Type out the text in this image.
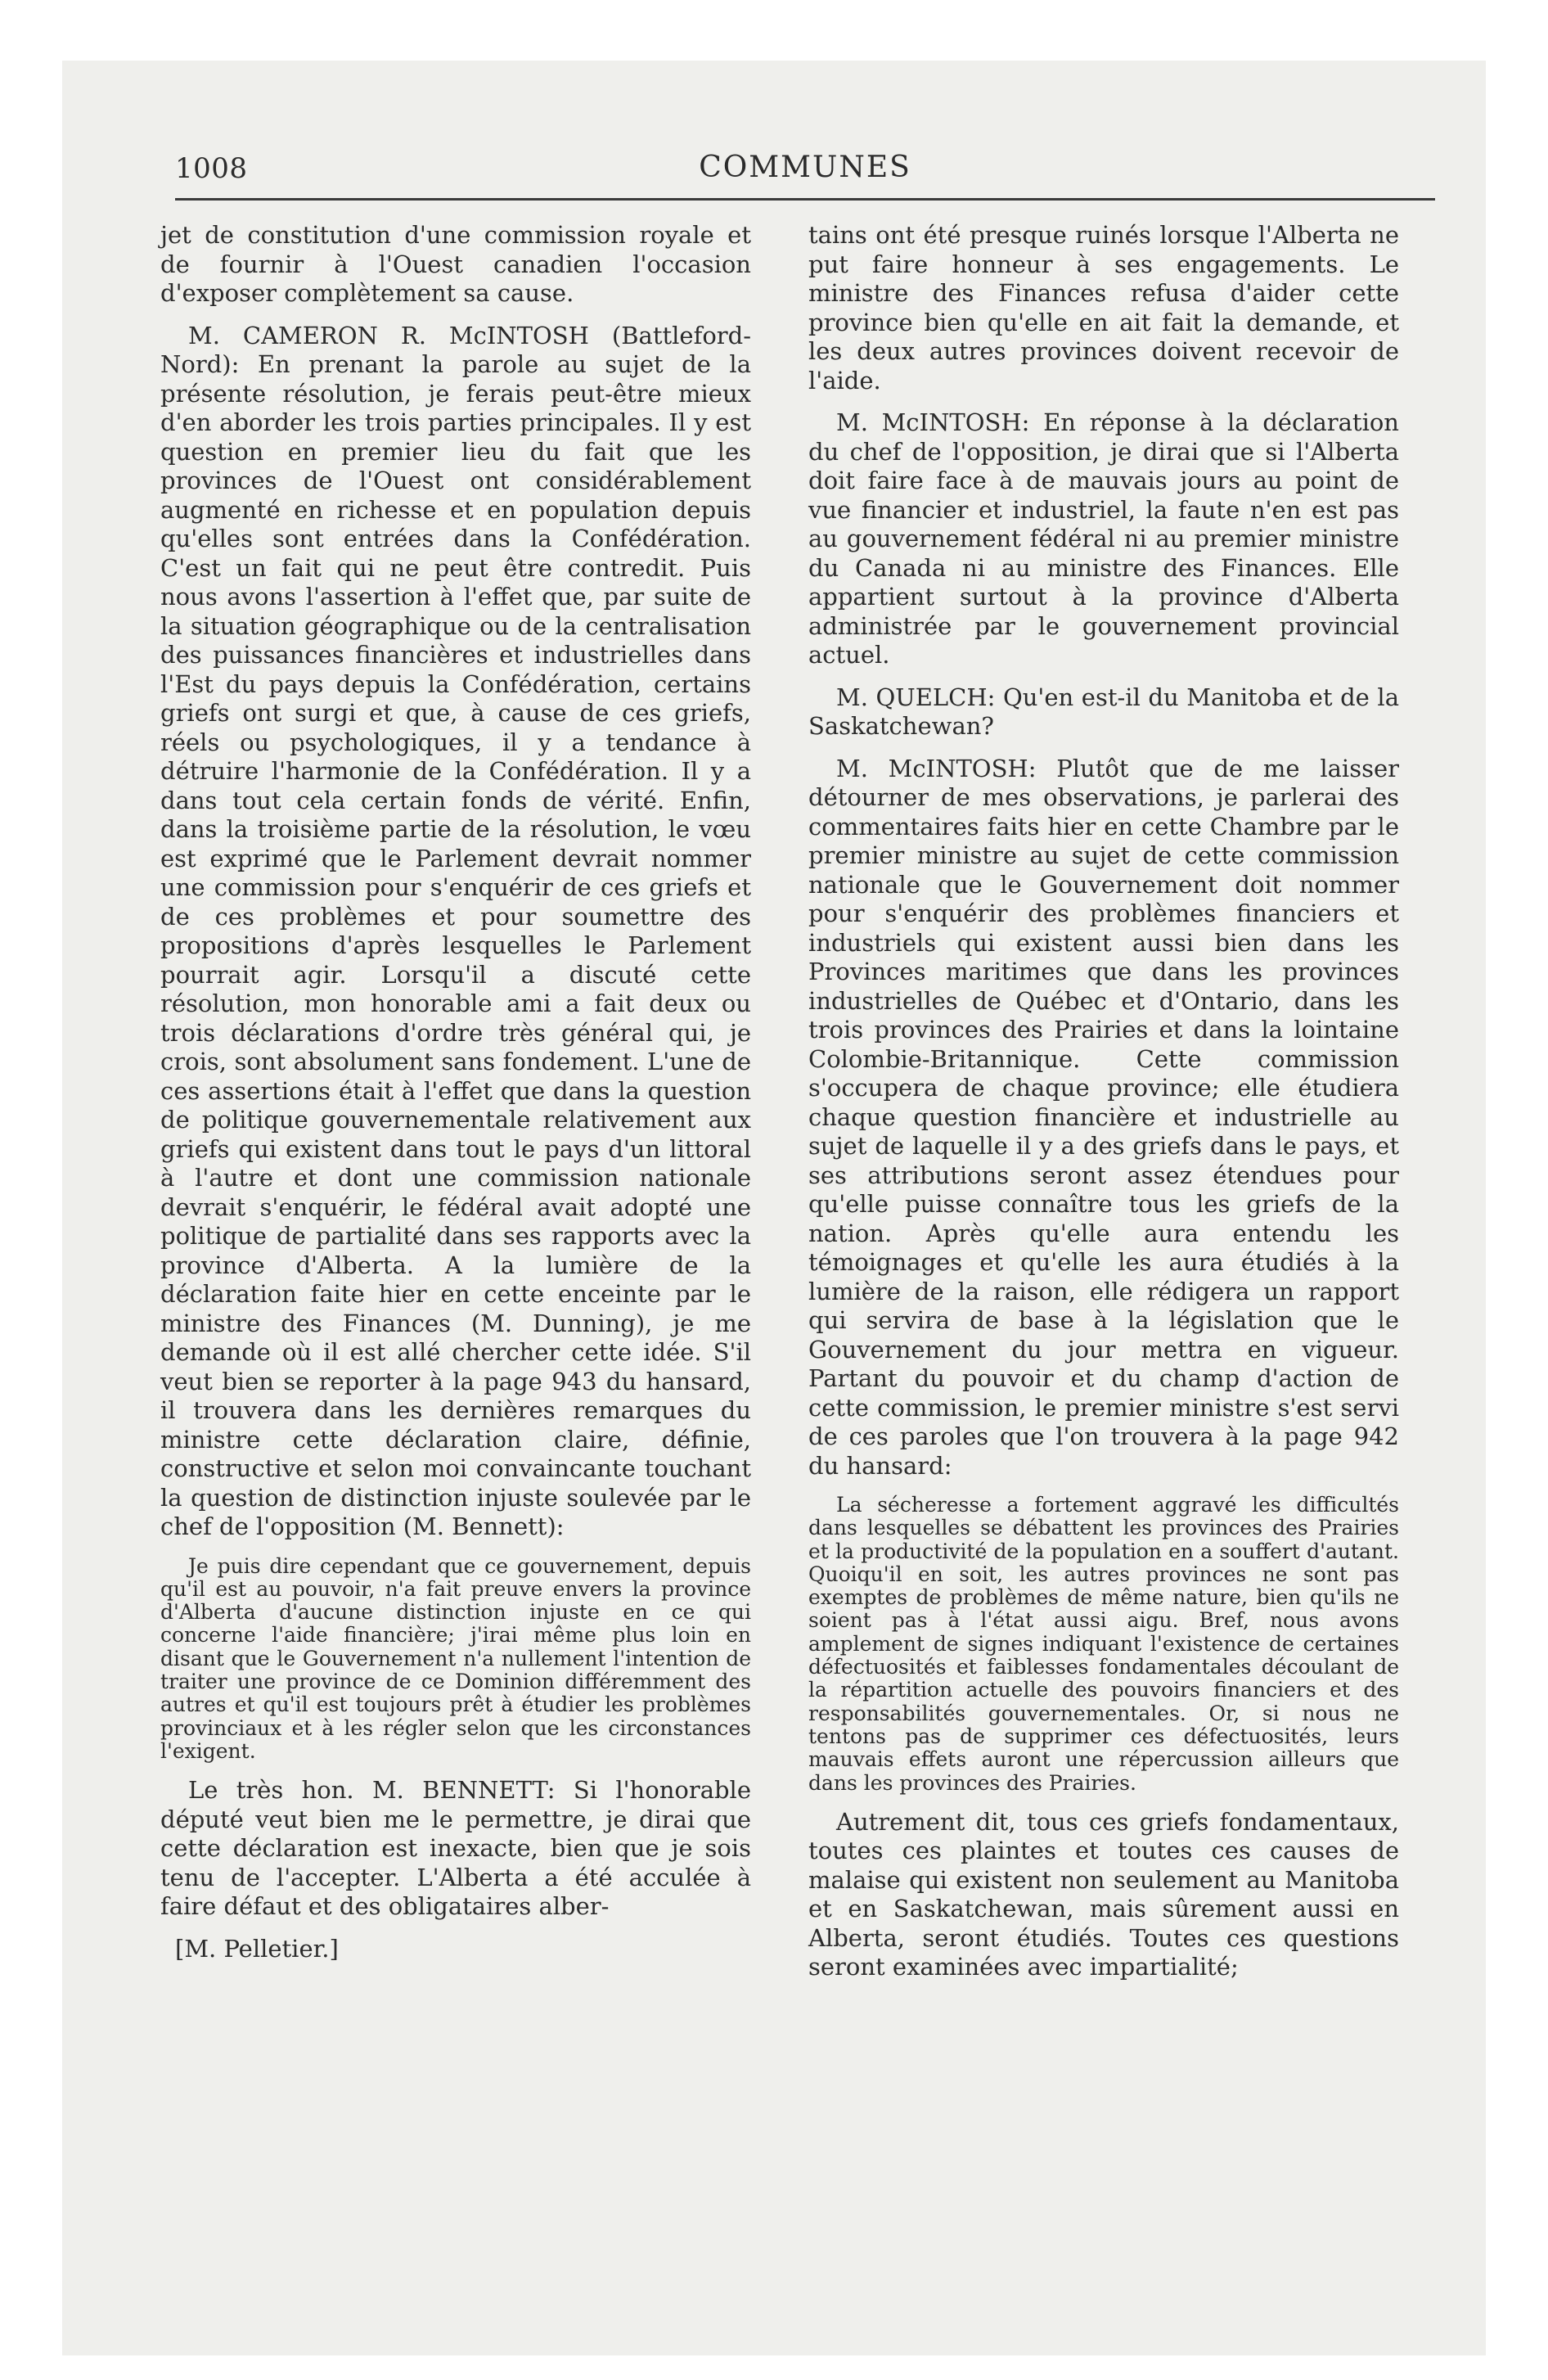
1008	COMMUNES

jet de constitution d'une commission royale et de fournir à l'Ouest canadien l'occasion d'exposer complètement sa cause.

M. CAMERON R. McINTOSH (Battleford-Nord): En prenant la parole au sujet de la présente résolution, je ferais peut-être mieux d'en aborder les trois parties principales. Il y est question en premier lieu du fait que les provinces de l'Ouest ont considérablement augmenté en richesse et en population depuis qu'elles sont entrées dans la Confédération. C'est un fait qui ne peut être contredit. Puis nous avons l'assertion à l'effet que, par suite de la situation géographique ou de la centralisation des puissances financières et industrielles dans l'Est du pays depuis la Confédération, certains griefs ont surgi et que, à cause de ces griefs, réels ou psychologiques, il y a tendance à détruire l'harmonie de la Confédération. Il y a dans tout cela certain fonds de vérité. Enfin, dans la troisième partie de la résolution, le vœu est exprimé que le Parlement devrait nommer une commission pour s'enquérir de ces griefs et de ces problèmes et pour soumettre des propositions d'après lesquelles le Parlement pourrait agir. Lorsqu'il a discuté cette résolution, mon honorable ami a fait deux ou trois déclarations d'ordre très général qui, je crois, sont absolument sans fondement. L'une de ces assertions était à l'effet que dans la question de politique gouvernementale relativement aux griefs qui existent dans tout le pays d'un littoral à l'autre et dont une commission nationale devrait s'enquérir, le fédéral avait adopté une politique de partialité dans ses rapports avec la province d'Alberta. A la lumière de la déclaration faite hier en cette enceinte par le ministre des Finances (M. Dunning), je me demande où il est allé chercher cette idée. S'il veut bien se reporter à la page 943 du hansard, il trouvera dans les dernières remarques du ministre cette déclaration claire, définie, constructive et selon moi convaincante touchant la question de distinction injuste soulevée par le chef de l'opposition (M. Bennett):

Je puis dire cependant que ce gouvernement, depuis qu'il est au pouvoir, n'a fait preuve envers la province d'Alberta d'aucune distinction injuste en ce qui concerne l'aide financière; j'irai même plus loin en disant que le Gouvernement n'a nullement l'intention de traiter une province de ce Dominion différemment des autres et qu'il est toujours prêt à étudier les problèmes provinciaux et à les régler selon que les circonstances l'exigent.

Le très hon. M. BENNETT: Si l'honorable député veut bien me le permettre, je dirai que cette déclaration est inexacte, bien que je sois tenu de l'accepter. L'Alberta a été acculée à faire défaut et des obligataires alber-

[M. Pelletier.]

tains ont été presque ruinés lorsque l'Alberta ne put faire honneur à ses engagements. Le ministre des Finances refusa d'aider cette province bien qu'elle en ait fait la demande, et les deux autres provinces doivent recevoir de l'aide.

M. McINTOSH: En réponse à la déclaration du chef de l'opposition, je dirai que si l'Alberta doit faire face à de mauvais jours au point de vue financier et industriel, la faute n'en est pas au gouvernement fédéral ni au premier ministre du Canada ni au ministre des Finances. Elle appartient surtout à la province d'Alberta administrée par le gouvernement provincial actuel.

M. QUELCH: Qu'en est-il du Manitoba et de la Saskatchewan?

M. McINTOSH: Plutôt que de me laisser détourner de mes observations, je parlerai des commentaires faits hier en cette Chambre par le premier ministre au sujet de cette commission nationale que le Gouvernement doit nommer pour s'enquérir des problèmes financiers et industriels qui existent aussi bien dans les Provinces maritimes que dans les provinces industrielles de Québec et d'Ontario, dans les trois provinces des Prairies et dans la lointaine Colombie-Britannique. Cette commission s'occupera de chaque province; elle étudiera chaque question financière et industrielle au sujet de laquelle il y a des griefs dans le pays, et ses attributions seront assez étendues pour qu'elle puisse connaître tous les griefs de la nation. Après qu'elle aura entendu les témoignages et qu'elle les aura étudiés à la lumière de la raison, elle rédigera un rapport qui servira de base à la législation que le Gouvernement du jour mettra en vigueur. Partant du pouvoir et du champ d'action de cette commission, le premier ministre s'est servi de ces paroles que l'on trouvera à la page 942 du hansard:

La sécheresse a fortement aggravé les difficultés dans lesquelles se débattent les provinces des Prairies et la productivité de la population en a souffert d'autant. Quoiqu'il en soit, les autres provinces ne sont pas exemptes de problèmes de même nature, bien qu'ils ne soient pas à l'état aussi aigu. Bref, nous avons amplement de signes indiquant l'existence de certaines défectuosités et faiblesses fondamentales découlant de la répartition actuelle des pouvoirs financiers et des responsabilités gouvernementales. Or, si nous ne tentons pas de supprimer ces défectuosités, leurs mauvais effets auront une répercussion ailleurs que dans les provinces des Prairies.

Autrement dit, tous ces griefs fondamentaux, toutes ces plaintes et toutes ces causes de malaise qui existent non seulement au Manitoba et en Saskatchewan, mais sûrement aussi en Alberta, seront étudiés. Toutes ces questions seront examinées avec impartialité;
